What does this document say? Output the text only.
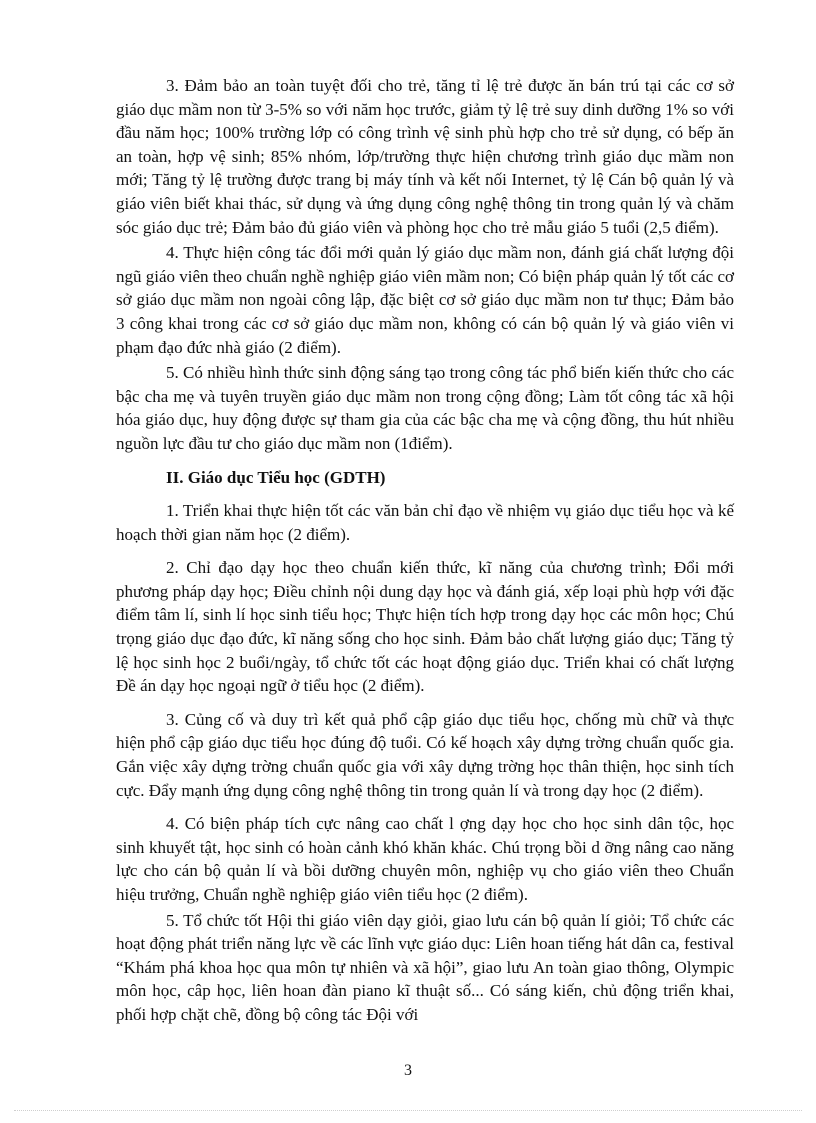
3. Đảm bảo an toàn tuyệt đối cho trẻ, tăng tỉ lệ trẻ được ăn bán trú tại các cơ sở giáo dục mầm non từ 3-5% so với năm học trước, giảm tỷ lệ trẻ suy dinh dưỡng 1% so với đầu năm học; 100% trường lớp có công trình vệ sinh phù hợp cho trẻ sử dụng, có bếp ăn an toàn, hợp vệ sinh; 85% nhóm, lớp/trường thực hiện chương trình giáo dục mầm non mới; Tăng tỷ lệ trường được trang bị máy tính và kết nối Internet, tỷ lệ Cán bộ quản lý và giáo viên biết khai thác, sử dụng và ứng dụng công nghệ thông tin trong quản lý và chăm sóc giáo dục trẻ; Đảm bảo đủ giáo viên và phòng học cho trẻ mẫu giáo 5 tuổi (2,5 điểm).

4. Thực hiện công tác đổi mới quản lý giáo dục mầm non, đánh giá chất lượng đội ngũ giáo viên theo chuẩn nghề nghiệp giáo viên mầm non; Có biện pháp quản lý tốt các cơ sở giáo dục mầm non ngoài công lập, đặc biệt cơ sở giáo dục mầm non tư thục; Đảm bảo 3 công khai trong các cơ sở giáo dục mầm non, không có cán bộ quản lý và giáo viên vi phạm đạo đức nhà giáo (2 điểm).

5. Có nhiều hình thức sinh động sáng tạo trong công tác phổ biến kiến thức cho các bậc cha mẹ và tuyên truyền giáo dục mầm non trong cộng đồng; Làm tốt công tác xã hội hóa giáo dục, huy động được sự tham gia của các bậc cha mẹ và cộng đồng, thu hút nhiều nguồn lực đầu tư cho giáo dục mầm non (1điểm).

II. Giáo dục Tiểu học (GDTH)

1. Triển khai thực hiện tốt các văn bản chỉ đạo về nhiệm vụ giáo dục tiểu học và kế hoạch thời gian năm học (2 điểm).

2. Chỉ đạo dạy học theo chuẩn kiến thức, kĩ năng của chương trình; Đổi mới phương pháp dạy học; Điều chỉnh nội dung dạy học và đánh giá, xếp loại phù hợp với đặc điểm tâm lí, sinh lí học sinh tiểu học; Thực hiện tích hợp trong dạy học các môn học; Chú trọng giáo dục đạo đức, kĩ năng sống cho học sinh. Đảm bảo chất lượng giáo dục; Tăng tỷ lệ học sinh học 2 buổi/ngày, tổ chức tốt các hoạt động giáo dục. Triển khai có chất lượng Đề án dạy học ngoại ngữ ở tiểu học (2 điểm).

3. Củng cố và duy trì kết quả phổ cập giáo dục tiểu học, chống mù chữ và thực hiện phổ cập giáo dục tiểu học đúng độ tuổi. Có kế hoạch xây dựng trờng chuẩn quốc gia. Gắn việc xây dựng trờng chuẩn quốc gia với xây dựng trờng học thân thiện, học sinh tích cực. Đẩy mạnh ứng dụng công nghệ thông tin trong quản lí và trong dạy học (2 điểm).

4. Có biện pháp tích cực nâng cao chất l ợng dạy học cho học sinh dân tộc, học sinh khuyết tật, học sinh có hoàn cảnh khó khăn khác. Chú trọng bồi d ỡng nâng cao năng lực cho cán bộ quản lí và bồi dưỡng chuyên môn, nghiệp vụ cho giáo viên theo Chuẩn hiệu trưởng, Chuẩn nghề nghiệp giáo viên tiểu học (2 điểm).

5. Tổ chức tốt Hội thi giáo viên dạy giỏi, giao lưu cán bộ quản lí giỏi; Tổ chức các hoạt động phát triển năng lực về các lĩnh vực giáo dục: Liên hoan tiếng hát dân ca, festival “Khám phá khoa học qua môn tự nhiên và xã hội”, giao lưu An toàn giao thông, Olympic môn học, câp học, liên hoan đàn piano kĩ thuật số... Có sáng kiến, chủ động triển khai, phối hợp chặt chẽ, đồng bộ công tác Đội với

3
